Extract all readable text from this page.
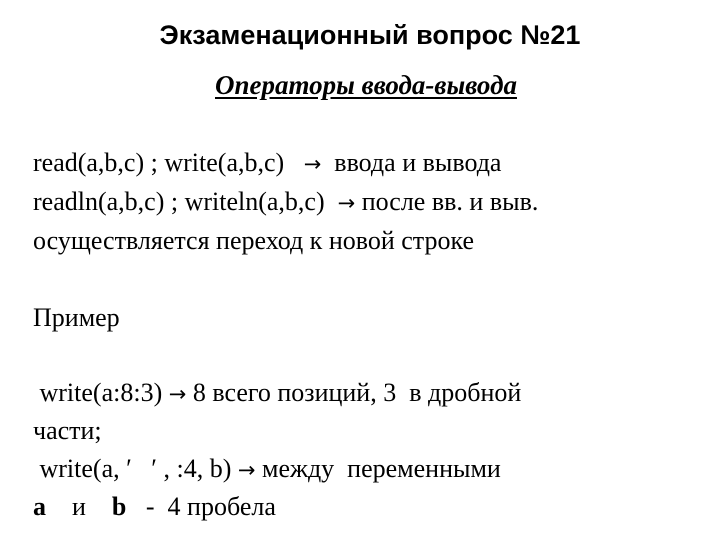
Экзаменационный вопрос №21
Операторы ввода-вывода
read(a,b,c) ; write(a,b,c)   →  ввода и вывода
readln(a,b,c) ; writeln(a,b,c)  → после вв. и выв.
осуществляется переход к новой строке
Пример
write(a:8:3) → 8 всего позиций, 3  в дробной
части;
write(a, ′   ′ , :4, b) → между  переменными
a    и    b   -  4 пробела
